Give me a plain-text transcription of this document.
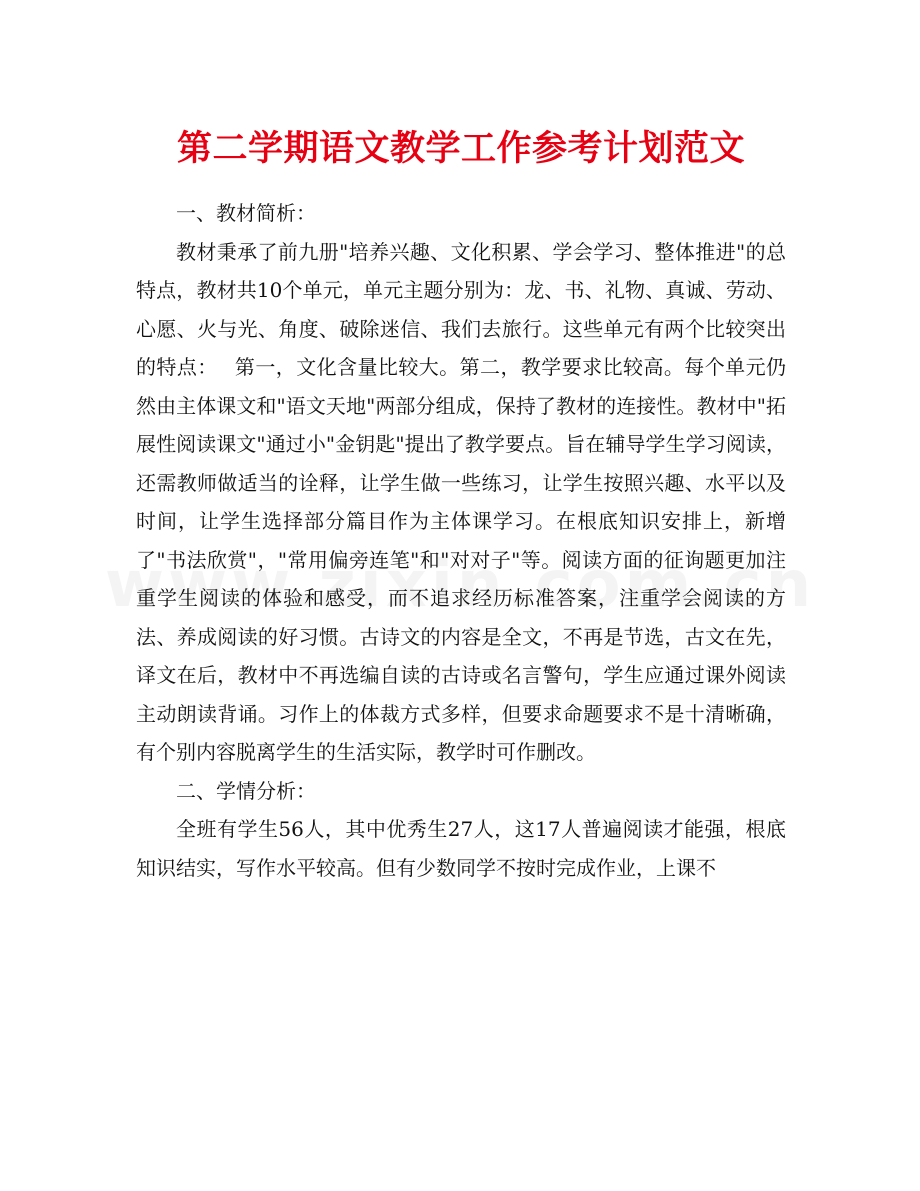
第二学期语文教学工作参考计划范文

一、教材简析：

教材秉承了前九册"培养兴趣、文化积累、学会学习、整体推进"的总特点，教材共10个单元，单元主题分别为：龙、书、礼物、真诚、劳动、心愿、火与光、角度、破除迷信、我们去旅行。这些单元有两个比较突出的特点：　 第一，文化含量比较大。第二，教学要求比较高。每个单元仍然由主体课文和"语文天地"两部分组成，保持了教材的连接性。教材中"拓展性阅读课文"通过小"金钥匙"提出了教学要点。旨在辅导学生学习阅读，还需教师做适当的诠释，让学生做一些练习，让学生按照兴趣、水平以及时间，让学生选择部分篇目作为主体课学习。在根底知识安排上，新增了"书法欣赏"，"常用偏旁连笔"和"对对子"等。阅读方面的征询题更加注重学生阅读的体验和感受，而不追求经历标准答案，注重学会阅读的方法、养成阅读的好习惯。古诗文的内容是全文，不再是节选，古文在先，译文在后，教材中不再选编自读的古诗或名言警句，学生应通过课外阅读主动朗读背诵。习作上的体裁方式多样，但要求命题要求不是十清晰确，有个别内容脱离学生的生活实际，教学时可作删改。

二、学情分析：

全班有学生56人，其中优秀生27人，这17人普遍阅读才能强，根底知识结实，写作水平较高。但有少数同学不按时完成作业，上课不
